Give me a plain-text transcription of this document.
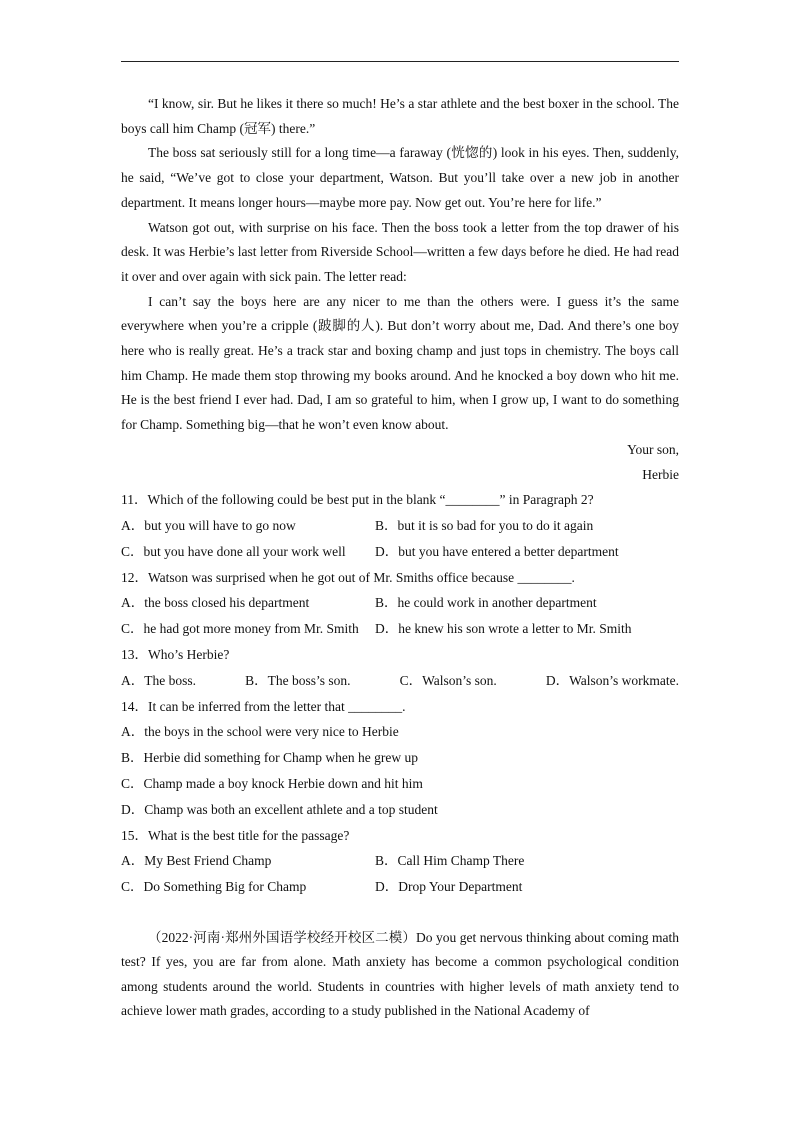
“I know, sir. But he likes it there so much! He’s a star athlete and the best boxer in the school. The boys call him Champ (冠军) there.”

The boss sat seriously still for a long time—a faraway (恍惚的) look in his eyes. Then, suddenly, he said, “We’ve got to close your department, Watson. But you’ll take over a new job in another department. It means longer hours—maybe more pay. Now get out. You’re here for life.”

Watson got out, with surprise on his face. Then the boss took a letter from the top drawer of his desk. It was Herbie’s last letter from Riverside School—written a few days before he died. He had read it over and over again with sick pain. The letter read:

I can’t say the boys here are any nicer to me than the others were. I guess it’s the same everywhere when you’re a cripple (跛脚的人). But don’t worry about me, Dad. And there’s one boy here who is really great. He’s a track star and boxing champ and just tops in chemistry. The boys call him Champ. He made them stop throwing my books around. And he knocked a boy down who hit me. He is the best friend I ever had. Dad, I am so grateful to him, when I grow up, I want to do something for Champ. Something big—that he won’t even know about.

Your son,

Herbie

11．Which of the following could be best put in the blank “________” in Paragraph 2?

A．but you will have to go now	B．but it is so bad for you to do it again
C．but you have done all your work well	D．but you have entered a better department

12．Watson was surprised when he got out of Mr. Smiths office because ________.

A．the boss closed his department	B．he could work in another department
C．he had got more money from Mr. Smith	D．he knew his son wrote a letter to Mr. Smith

13．Who’s Herbie?

A．The boss.	B．The boss’s son.	C．Walson’s son.	D．Walson’s workmate.

14．It can be inferred from the letter that ________.

A．the boys in the school were very nice to Herbie
B．Herbie did something for Champ when he grew up
C．Champ made a boy knock Herbie down and hit him
D．Champ was both an excellent athlete and a top student

15．What is the best title for the passage?

A．My Best Friend Champ	B．Call Him Champ There
C．Do Something Big for Champ	D．Drop Your Department

（2022·河南·郑州外国语学校经开校区二模）Do you get nervous thinking about coming math test? If yes, you are far from alone. Math anxiety has become a common psychological condition among students around the world. Students in countries with higher levels of math anxiety tend to achieve lower math grades, according to a study published in the National Academy of
